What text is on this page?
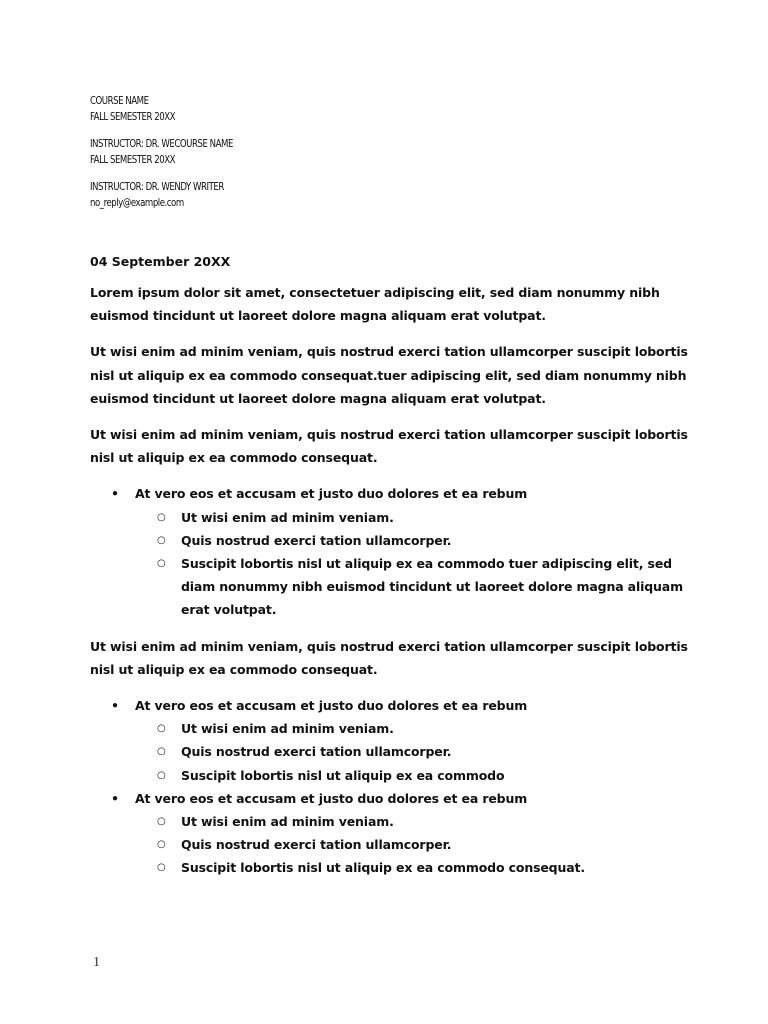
COURSE NAME
FALL SEMESTER 20XX
INSTRUCTOR: DR. WECOURSE NAME
FALL SEMESTER 20XX
INSTRUCTOR: DR. WENDY WRITER
no_reply@example.com
04 September 20XX

Lorem ipsum dolor sit amet, consectetuer adipiscing elit, sed diam nonummy nibh euismod tincidunt ut laoreet dolore magna aliquam erat volutpat.

Ut wisi enim ad minim veniam, quis nostrud exerci tation ullamcorper suscipit lobortis nisl ut aliquip ex ea commodo consequat.tuer adipiscing elit, sed diam nonummy nibh euismod tincidunt ut laoreet dolore magna aliquam erat volutpat.

Ut wisi enim ad minim veniam, quis nostrud exerci tation ullamcorper suscipit lobortis nisl ut aliquip ex ea commodo consequat.

● At vero eos et accusam et justo duo dolores et ea rebum
○ Ut wisi enim ad minim veniam.
○ Quis nostrud exerci tation ullamcorper.
○ Suscipit lobortis nisl ut aliquip ex ea commodo tuer adipiscing elit, sed diam nonummy nibh euismod tincidunt ut laoreet dolore magna aliquam erat volutpat.

Ut wisi enim ad minim veniam, quis nostrud exerci tation ullamcorper suscipit lobortis nisl ut aliquip ex ea commodo consequat.

● At vero eos et accusam et justo duo dolores et ea rebum
○ Ut wisi enim ad minim veniam.
○ Quis nostrud exerci tation ullamcorper.
○ Suscipit lobortis nisl ut aliquip ex ea commodo
● At vero eos et accusam et justo duo dolores et ea rebum
○ Ut wisi enim ad minim veniam.
○ Quis nostrud exerci tation ullamcorper.
○ Suscipit lobortis nisl ut aliquip ex ea commodo consequat.
1
